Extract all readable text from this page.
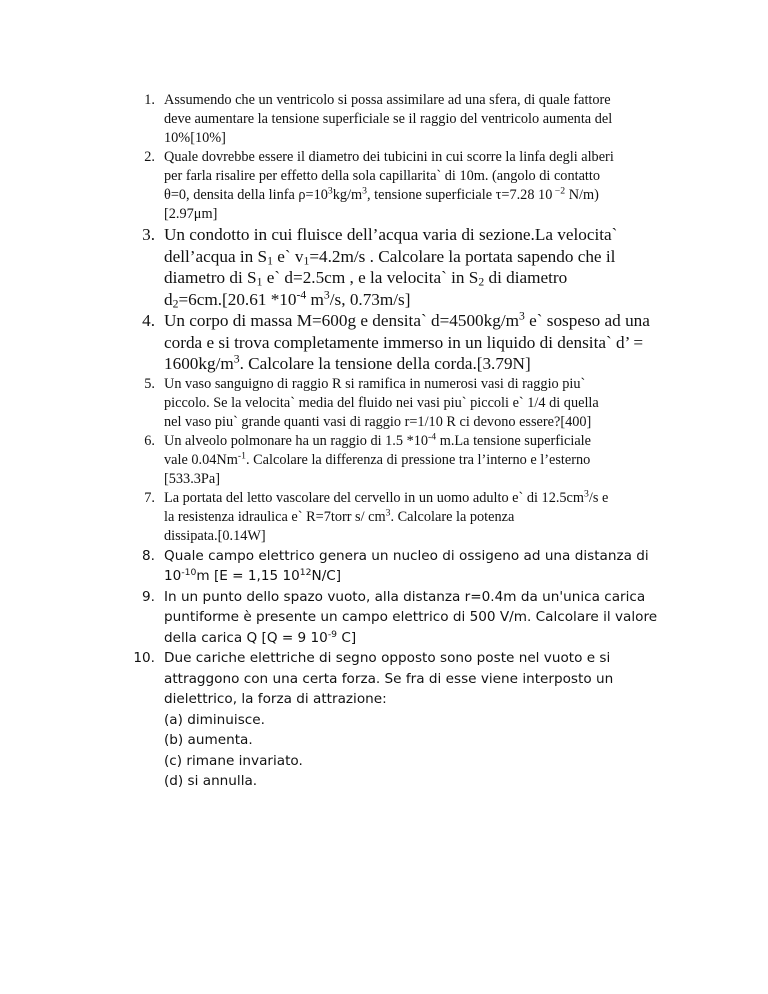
1. Assumendo che un ventricolo si possa assimilare ad una sfera, di quale fattore
deve aumentare la tensione superficiale se il raggio del ventricolo aumenta del
10%[10%]
2. Quale dovrebbe essere il diametro dei tubicini in cui scorre la linfa degli alberi
per farla risalire per effetto della sola capillarita` di 10m. (angolo di contatto
θ=0, densita della linfa $\rho=10^3kg/m^3$, tensione superficiale τ=7.28 10 $^{-2}$ N/m)
[2.97μm]
3. Un condotto in cui fluisce dell’acqua varia di sezione.La velocita`
dell’acqua in $S_1$ e` $v_1=4.2m/s$ . Calcolare la portata sapendo che il
diametro di $S_1$ e` d=2.5cm , e la velocita` in $S_2$ di diametro
$d_2=6cm.[20.61$ $*10^{-4}$ $m^3/s$, 0.73m/s]
4. Un corpo di massa M=600g e densita` $d=4500kg/m^3$ e` sospeso ad una
corda e si trova completamente immerso in un liquido di densita` d’ =
$1600kg/m^3$. Calcolare la tensione della corda.[3.79N]
5. Un vaso sanguigno di raggio R si ramifica in numerosi vasi di raggio piu`
piccolo. Se la velocita` media del fluido nei vasi piu` piccoli e` 1/4 di quella
nel vaso piu` grande quanti vasi di raggio r=1/10 R ci devono essere?[400]
6. Un alveolo polmonare ha un raggio di 1.5 $*10^{-4}$ m.La tensione superficiale
vale $0.04Nm^{-1}$. Calcolare la differenza di pressione tra l’interno e l’esterno
[533.3Pa]
7. La portata del letto vascolare del cervello in un uomo adulto e` di $12.5cm^3/s$ e
la resistenza idraulica e` R=7torr s/ $cm^3$. Calcolare la potenza
dissipata.[0.14W]
8. Quale campo elettrico genera un nucleo di ossigeno ad una distanza di
$10^{-10}m$ [E = 1,15 $10^{12}N/C$]
9. In un punto dello spazo vuoto, alla distanza r=0.4m da un'unica carica
puntiforme è presente un campo elettrico di 500 V/m. Calcolare il valore
della carica Q [Q = 9 $10^{-9}$ C]
10. Due cariche elettriche di segno opposto sono poste nel vuoto e si
attraggono con una certa forza. Se fra di esse viene interposto un
dielettrico, la forza di attrazione:
(a) diminuisce.
(b) aumenta.
(c) rimane invariato.
(d) si annulla.
